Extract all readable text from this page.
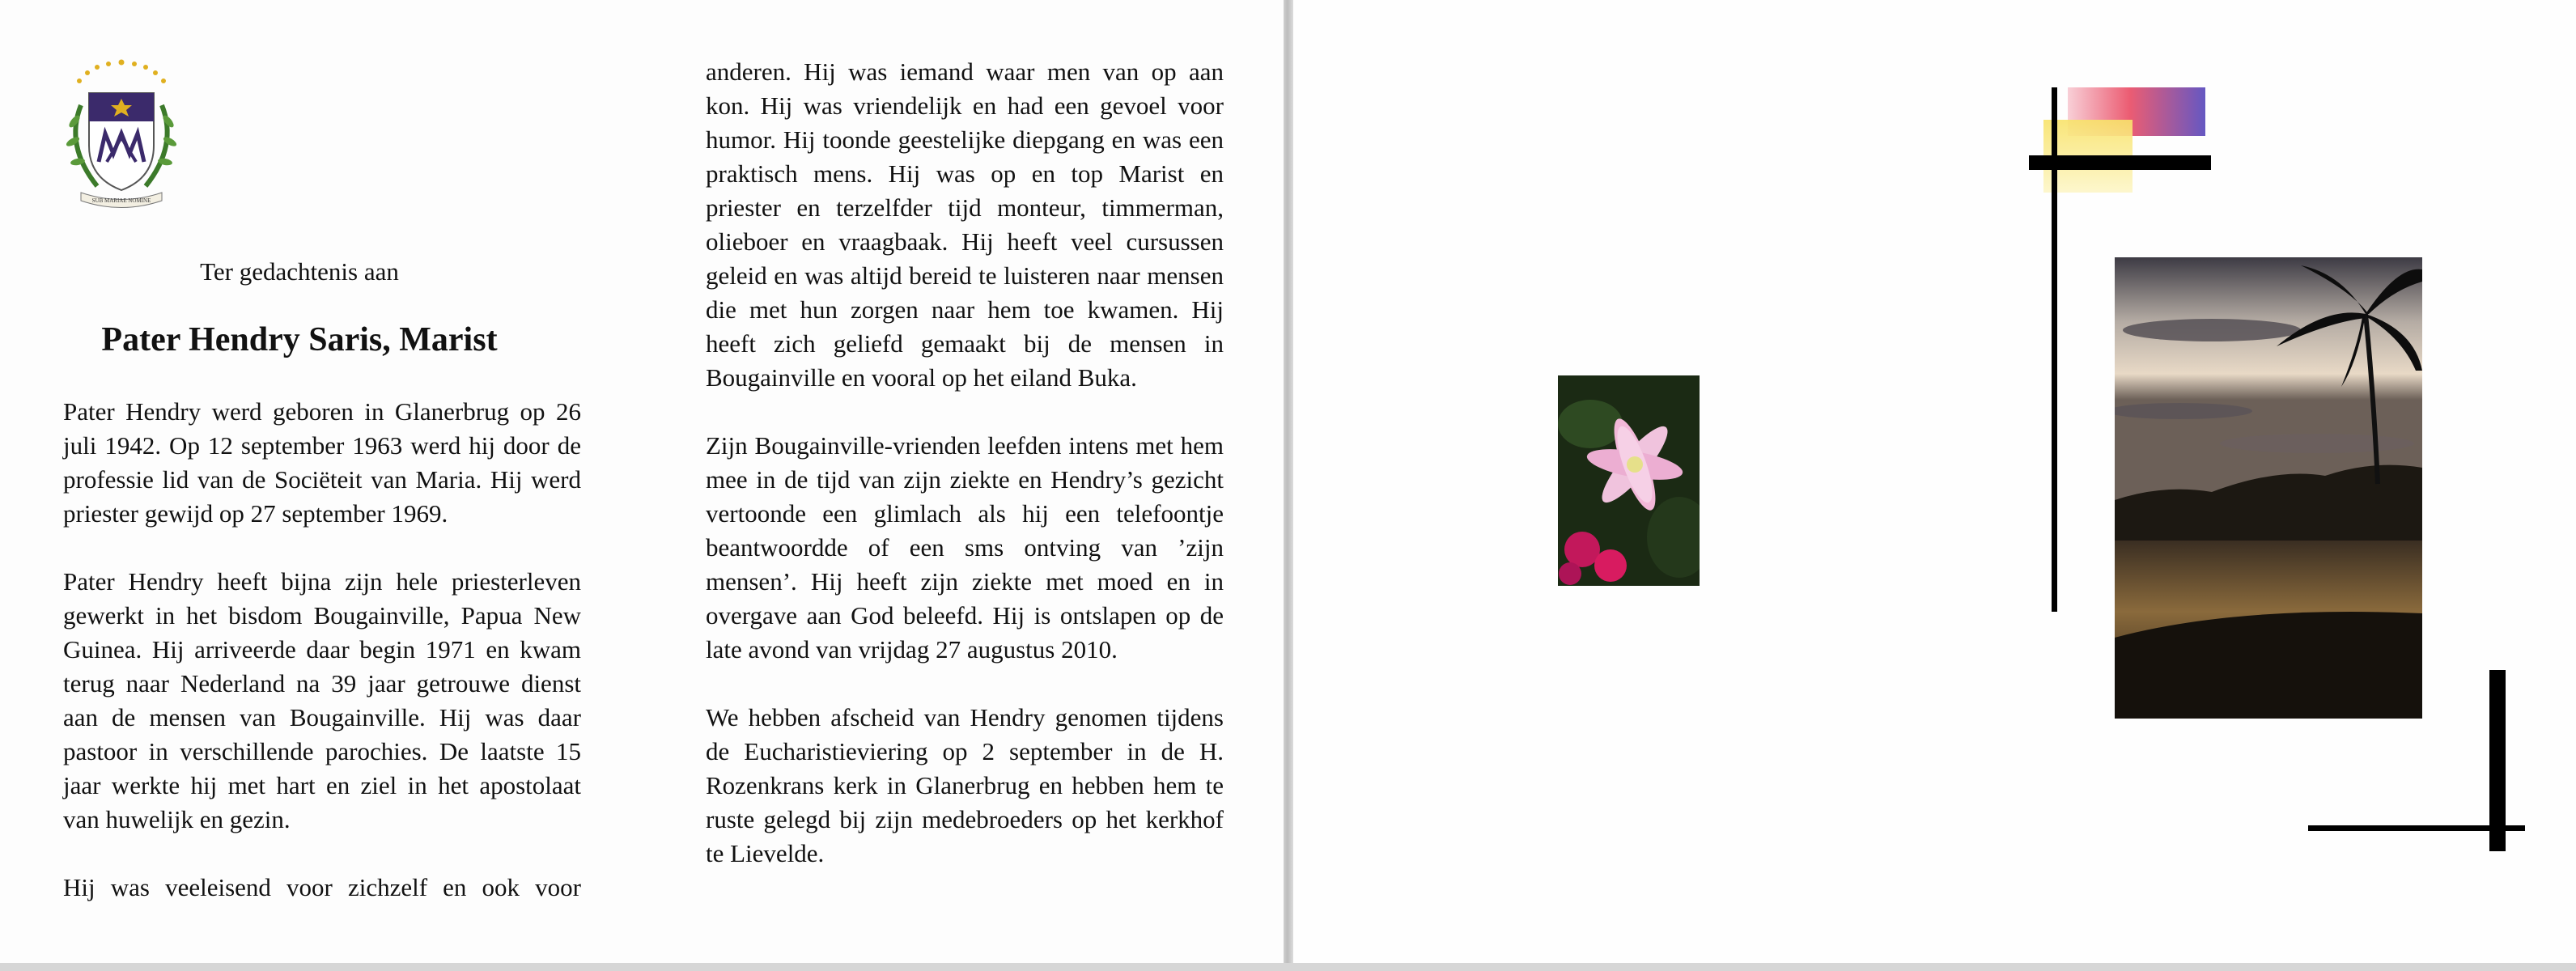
SUB MARIAE NOMINE
Ter gedachtenis aan
Pater Hendry Saris, Marist

Pater Hendry werd geboren in Glanerbrug op 26 juli 1942. Op 12 september 1963 werd hij door de professie lid van de Sociëteit van Maria. Hij werd priester gewijd op 27 september 1969.

Pater Hendry heeft bijna zijn hele priesterleven gewerkt in het bisdom Bougainville, Papua New Guinea. Hij arriveerde daar begin 1971 en kwam terug naar Nederland na 39 jaar getrouwe dienst aan de mensen van Bougainville. Hij was daar pastoor in verschillende parochies. De laatste 15 jaar werkte hij met hart en ziel in het apostolaat van huwelijk en gezin.

Hij was veeleisend voor zichzelf en ook voor

anderen. Hij was iemand waar men van op aan kon. Hij was vriendelijk en had een gevoel voor humor. Hij toonde geestelijke diepgang en was een praktisch mens. Hij was op en top Marist en priester en terzelfder tijd monteur, timmerman, olieboer en vraagbaak. Hij heeft veel cursussen geleid en was altijd bereid te luisteren naar mensen die met hun zorgen naar hem toe kwamen. Hij heeft zich geliefd gemaakt bij de mensen in Bougainville en vooral op het eiland Buka.

Zijn Bougainville-vrienden leefden intens met hem mee in de tijd van zijn ziekte en Hendry’s gezicht vertoonde een glimlach als hij een telefoontje beantwoordde of een sms ontving van ’zijn mensen’. Hij heeft zijn ziekte met moed en in overgave aan God beleefd. Hij is ontslapen op de late avond van vrijdag 27 augustus 2010.

We hebben afscheid van Hendry genomen tijdens de Eucharistieviering op 2 september in de H. Rozenkrans kerk in Glanerbrug en hebben hem te ruste gelegd bij zijn medebroeders op het kerkhof te Lievelde.
